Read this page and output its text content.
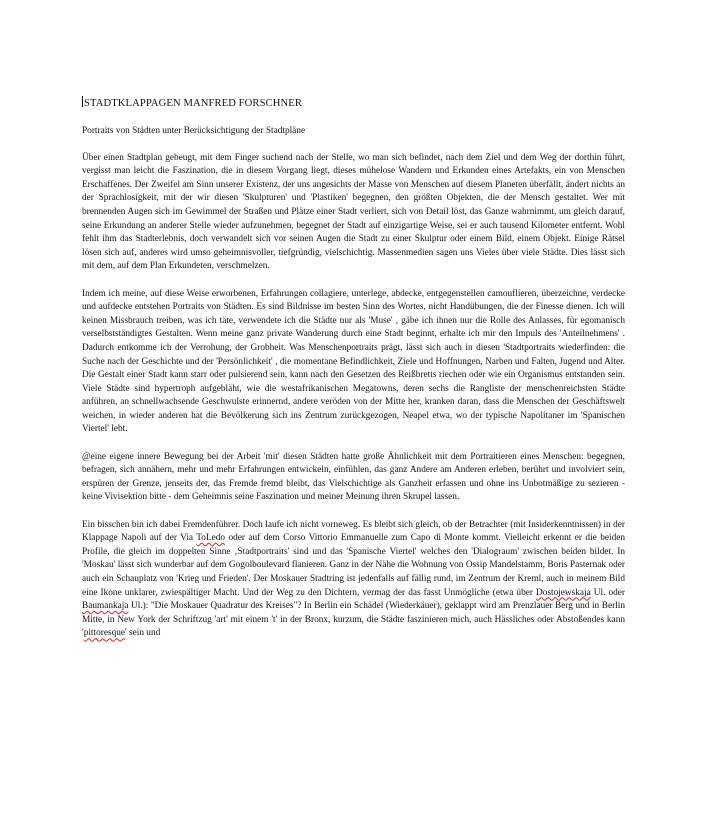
STADTKLAPPAGEN MANFRED FORSCHNER
Portraits von Städten unter Berücksichtigung der Stadtpläne

Über einen Stadtplan gebeugt, mit dem Finger suchend nach der Stelle, wo man sich befindet, nach dem Ziel und dem Weg der dorthin führt, vergisst man leicht die Faszination, die in diesem Vorgang liegt, dieses mühelose Wandern und Erkunden eines Artefakts, ein von Menschen Erschaffenes. Der Zweifel am Sinn unserer Existenz, der uns angesichts der Masse von Menschen auf diesem Planeten überfällt, ändert nichts an der Sprachlosigkeit, mit der wir diesen 'Skulpturen' und 'Plastiken' begegnen, den größten Objekten, die der Mensch gestaltet. Wer mit brennenden Augen sich im Gewimmel der Straßen und Plätze einer Stadt verliert, sich von Detail löst, das Ganze wahrnimmt, um gleich darauf, seine Erkundung an anderer Stelle wieder aufzunehmen, begegnet der Stadt auf einzigartige Weise, sei er auch tausend Kilometer entfernt. Wohl fehlt ihm das Stadterlebnis, doch verwandelt sich vor seinen Augen die Stadt zu einer Skulptur oder einem Bild, einem Objekt. Einige Rätsel lösen sich auf, anderes wird umso geheimnisvoller, tiefgründig, vielschichtig. Massenmedien sagen uns Vieles über viele Städte. Dies lässt sich mit dem, auf dem Plan Erkundeten, verschmelzen.

Indem ich meine, auf diese Weise erworbenen, Erfahrungen collagiere, unterlege, abdecke, entgegenstellen camouflieren, überzeichne, verdecke und aufdecke entstehen Portraits von Städten. Es sind Bildnisse im besten Sinn des Wortes, nicht Handübungen, die der Finesse dienen. Ich will keinen Missbrauch treiben, was ich täte, verwendete ich die Städte nur als 'Muse' , gäbe ich ihnen nur die Rolle des Anlasses, für egomanisch verselbstständigtes Gestalten. Wenn meine ganz private Wanderung durch eine Stadt beginnt, erhalte ich mir den Impuls des 'Anteilnehmens' . Dadurch entkomme ich der Verrohung, der Grobheit. Was Menschenportraits prägt, lässt sich auch in diesen 'Stadtportraits wiederfinden: die Suche nach der Geschichte und der 'Persönlichkeit' , die momentane Befindlichkeit, Ziele und Hoffnungen, Narben und Falten, Jugend und Alter. Die Gestalt einer Stadt kann starr oder pulsierend sein, kann nach den Gesetzen des Reißbretts riechen oder wie ein Organismus entstanden sein. Viele Städte sind hypertroph aufgebläht, wie die westafrikanischen Megatowns, deren sechs die Rangliste der menschenreichsten Städte anführen, an schnellwachsende Geschwulste erinnernd, andere veröden von der Mitte her, kranken daran, dass die Menschen der Geschäftswelt weichen, in wieder anderen hat die Bevölkerung sich ins Zentrum zurückgezogen, Neapel etwa, wo der typische Napolitaner im 'Spanischen Viertel' lebt.

@eine eigene innere Bewegung bei der Arbeit 'mit' diesen Städten hatte große Ähnlichkeit mit dem Portraitieren eines Menschen: begegnen, befragen, sich annähern, mehr und mehr Erfahrungen entwickeln, einfühlen, das ganz Andere am Anderen erleben, berührt und involviert sein, erspüren der Grenze, jenseits der, das Fremde fremd bleibt, das Vielschichtige als Ganzheit erfassen und ohne ins Unbotmäßige zu sezieren - keine Vivisektion bitte - dem Geheimnis seine Faszination und meiner Meinung ihren Skrupel lassen.

Ein bisschen bin ich dabei Fremdenführer. Doch laufe ich nicht vorneweg. Es bleibt sich gleich, ob der Betrachter (mit Insiderkenntnissen) in der Klappage Napoli auf der Via ToLedo oder auf dem Corso Vittorio Emmanuelle zum Capo di Monte kommt. Vielleicht erkennt er die beiden Profile, die gleich im doppelten Sinne ‚Stadtportraits' sind und das 'Spanische Viertel' welches den 'Dialograum' zwischen beiden bildet. In 'Moskau' lässt sich wunderbar auf dem Gogolboulevard flanieren. Ganz in der Nähe die Wohnung von Ossip Mandelstamm, Boris Pasternak oder auch ein Schauplatz von 'Krieg und Frieden'. Der Moskauer Stadtring ist jedenfalls auf fällig rund, im Zentrum der Kreml, auch in meinem Bild eine Ikone unklarer, zwiespältiger Macht. Und der Weg zu den Dichtern, vermag der das fasst Unmögliche (etwa über Dostojewskaja Ul. oder Baumankaja Ul.): "Die Moskauer Quadratur des Kreises"? In Berlin ein Schädel (Wiederkäuer), geklappt wird am Prenzlauer Berg und in Berlin Mitte, in New York der Schriftzug 'art' mit einem 't' in der Bronx, kurzum, die Städte faszinieren mich, auch Hässliches oder Abstoßendes kann 'pittoresque' sein und
